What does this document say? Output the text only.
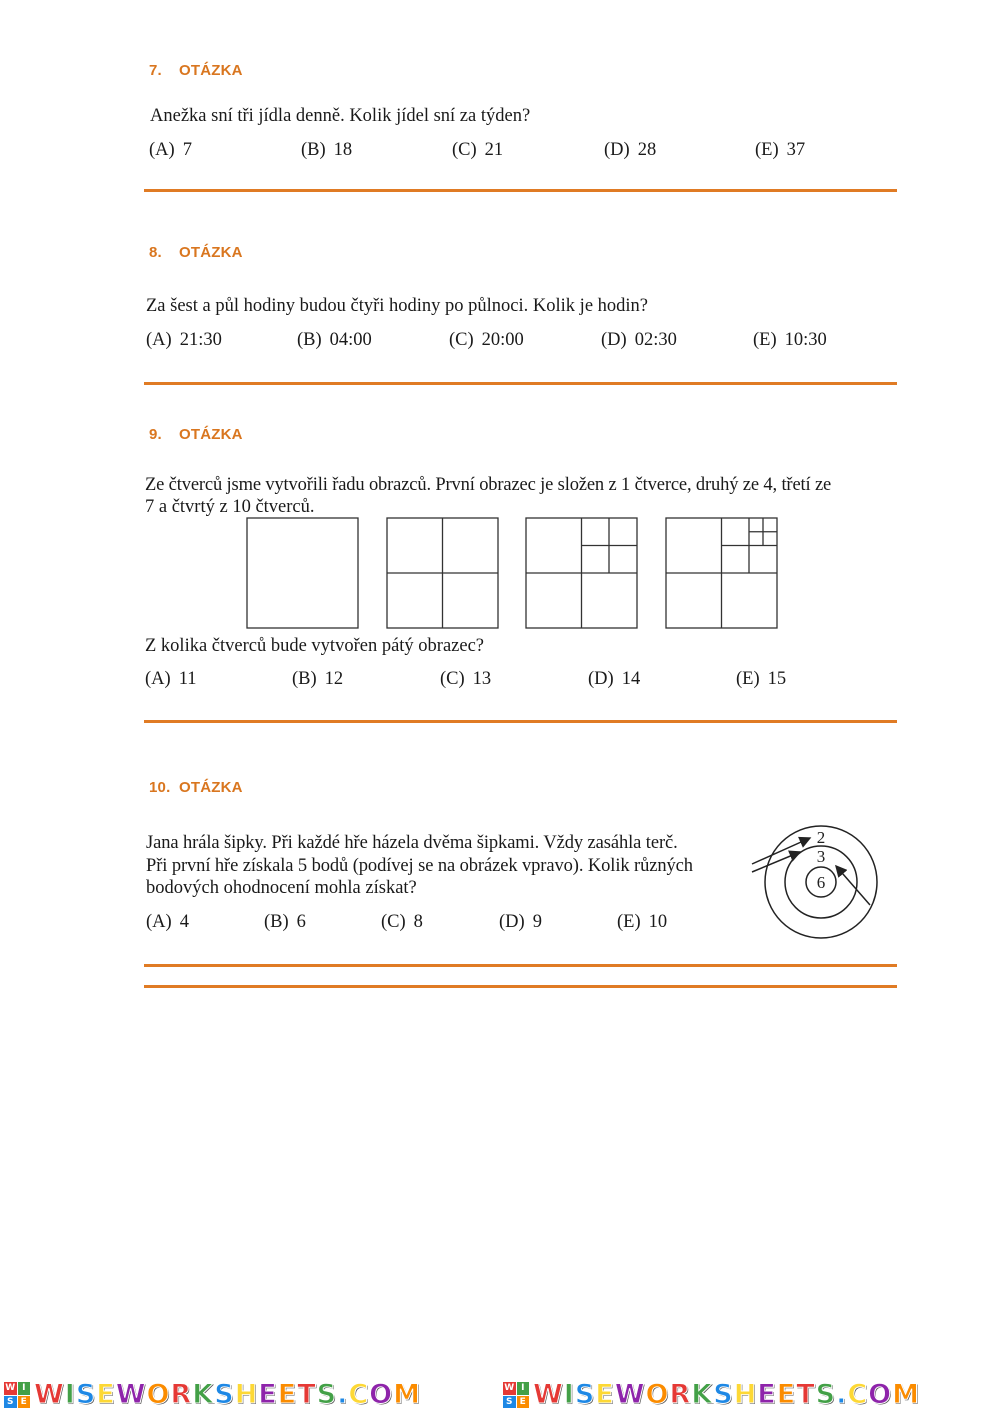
7. OTÁZKA
Anežka sní tři jídla denně. Kolik jídel sní za týden?
(A) 7	(B) 18	(C) 21	(D) 28	(E) 37
8. OTÁZKA
Za šest a půl hodiny budou čtyři hodiny po půlnoci. Kolik je hodin?
(A) 21:30	(B) 04:00	(C) 20:00	(D) 02:30	(E) 10:30
9. OTÁZKA
Ze čtverců jsme vytvořili řadu obrazců. První obrazec je složen z 1 čtverce, druhý ze 4, třetí ze
7 a čtvrtý z 10 čtverců.
Z kolika čtverců bude vytvořen pátý obrazec?
(A) 11	(B) 12	(C) 13	(D) 14	(E) 15
10. OTÁZKA
Jana hrála šipky. Při každé hře házela dvěma šipkami. Vždy zasáhla terč.
Při první hře získala 5 bodů (podívej se na obrázek vpravo). Kolik různých
bodových ohodnocení mohla získat?
2
3
6
(A) 4	(B) 6	(C) 8	(D) 9	(E) 10
W I
S E WISEWORKSHEETS.COM	W I
S E WISEWORKSHEETS.COM
